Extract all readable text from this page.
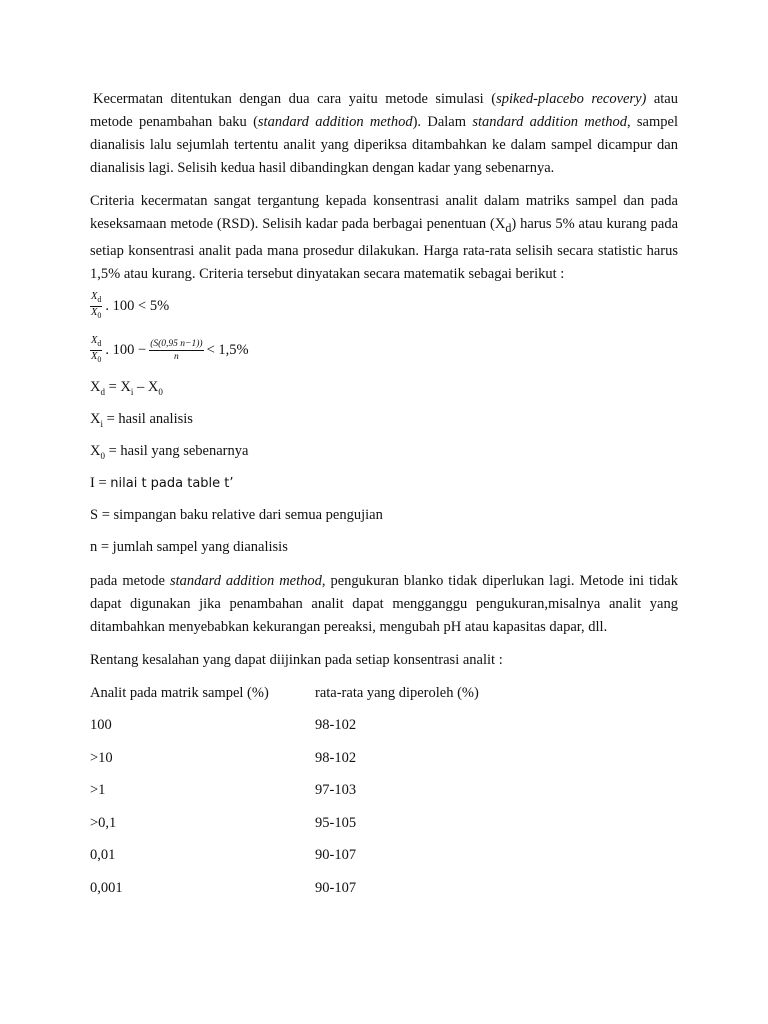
Kecermatan ditentukan dengan dua cara yaitu metode simulasi (spiked-placebo recovery) atau metode penambahan baku (standard addition method). Dalam standard addition method, sampel dianalisis lalu sejumlah tertentu analit yang diperiksa ditambahkan ke dalam sampel dicampur dan dianalisis lagi. Selisih kedua hasil dibandingkan dengan kadar yang sebenarnya.

Criteria kecermatan sangat tergantung kepada konsentrasi analit dalam matriks sampel dan pada keseksamaan metode (RSD). Selisih kadar pada berbagai penentuan $(X_d)$ harus 5% atau kurang pada setiap konsentrasi analit pada mana prosedur dilakukan. Harga rata-rata selisih secara statistic harus 1,5% atau kurang. Criteria tersebut dinyatakan secara matematik sebagai berikut :

$\frac{X_d}{X_0}$ . 100 < 5%
$\frac{X_d}{X_0}$ . $100 - \frac{(S(0,95 n-1))}{n} < 1,5\%$
$X_d = X_i - X_0$
$X_i$ = hasil analisis
$X_0$ = hasil yang sebenarnya
I = nilai t pada table t’
S = simpangan baku relative dari semua pengujian
n = jumlah sampel yang dianalisis

pada metode standard addition method, pengukuran blanko tidak diperlukan lagi. Metode ini tidak dapat digunakan jika penambahan analit dapat mengganggu pengukuran,misalnya analit yang ditambahkan menyebabkan kekurangan pereaksi, mengubah pH atau kapasitas dapar, dll.

Rentang kesalahan yang dapat diijinkan pada setiap konsentrasi analit :

Analit pada matrik sampel (%)	rata-rata yang diperoleh (%)
100	98-102
>10	98-102
>1	97-103
>0,1	95-105
0,01	90-107
0,001	90-107
